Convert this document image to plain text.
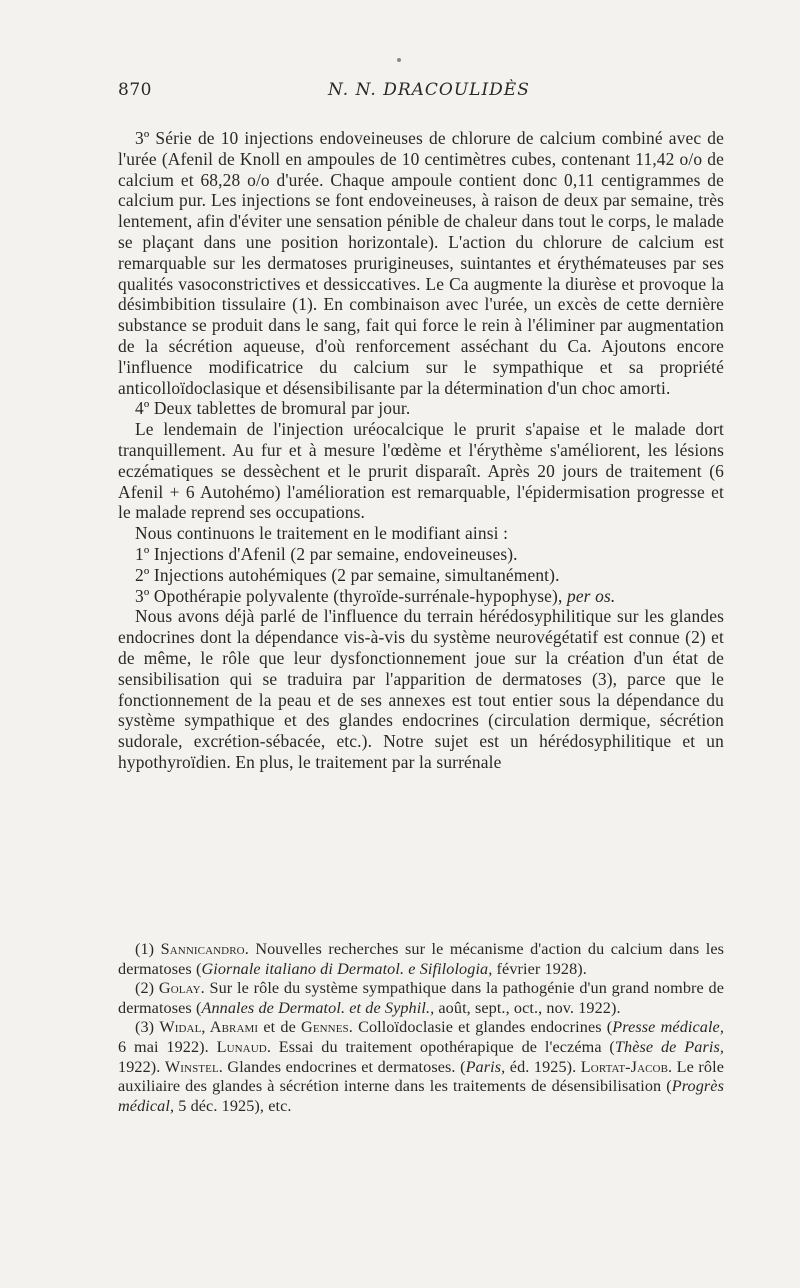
870	N. N. DRACOULIDÈS

3º Série de 10 injections endoveineuses de chlorure de calcium combiné avec de l'urée (Afenil de Knoll en ampoules de 10 centimètres cubes, contenant 11,42 o/o de calcium et 68,28 o/o d'urée. Chaque ampoule contient donc 0,11 centigrammes de calcium pur. Les injections se font endoveineuses, à raison de deux par semaine, très lentement, afin d'éviter une sensation pénible de chaleur dans tout le corps, le malade se plaçant dans une position horizontale). L'action du chlorure de calcium est remarquable sur les dermatoses prurigineuses, suintantes et érythémateuses par ses qualités vasoconstrictives et dessiccatives. Le Ca augmente la diurèse et provoque la désimbibition tissulaire (1). En combinaison avec l'urée, un excès de cette dernière substance se produit dans le sang, fait qui force le rein à l'éliminer par augmentation de la sécrétion aqueuse, d'où renforcement asséchant du Ca. Ajoutons encore l'influence modificatrice du calcium sur le sympathique et sa propriété anticolloïdoclasique et désensibilisante par la détermination d'un choc amorti.

4º Deux tablettes de bromural par jour.

Le lendemain de l'injection uréocalcique le prurit s'apaise et le malade dort tranquillement. Au fur et à mesure l'œdème et l'érythème s'améliorent, les lésions eczématiques se dessèchent et le prurit disparaît. Après 20 jours de traitement (6 Afenil + 6 Autohémo) l'amélioration est remarquable, l'épidermisation progresse et le malade reprend ses occupations.

Nous continuons le traitement en le modifiant ainsi :

1º Injections d'Afenil (2 par semaine, endoveineuses).

2º Injections autohémiques (2 par semaine, simultanément).

3º Opothérapie polyvalente (thyroïde-surrénale-hypophyse), per os.

Nous avons déjà parlé de l'influence du terrain hérédosyphilitique sur les glandes endocrines dont la dépendance vis-à-vis du système neurovégétatif est connue (2) et de même, le rôle que leur dysfonctionnement joue sur la création d'un état de sensibilisation qui se traduira par l'apparition de dermatoses (3), parce que le fonctionnement de la peau et de ses annexes est tout entier sous la dépendance du système sympathique et des glandes endocrines (circulation dermique, sécrétion sudorale, excrétion-sébacée, etc.). Notre sujet est un hérédosyphilitique et un hypothyroïdien. En plus, le traitement par la surrénale

(1) Sannicandro. Nouvelles recherches sur le mécanisme d'action du calcium dans les dermatoses (Giornale italiano di Dermatol. e Sifilologia, février 1928).

(2) Golay. Sur le rôle du système sympathique dans la pathogénie d'un grand nombre de dermatoses (Annales de Dermatol. et de Syphil., août, sept., oct., nov. 1922).

(3) Widal, Abrami et de Gennes. Colloïdoclasie et glandes endocrines (Presse médicale, 6 mai 1922). Lunaud. Essai du traitement opothérapique de l'eczéma (Thèse de Paris, 1922). Winstel. Glandes endocrines et dermatoses. (Paris, éd. 1925). Lortat-Jacob. Le rôle auxiliaire des glandes à sécrétion interne dans les traitements de désensibilisation (Progrès médical, 5 déc. 1925), etc.
